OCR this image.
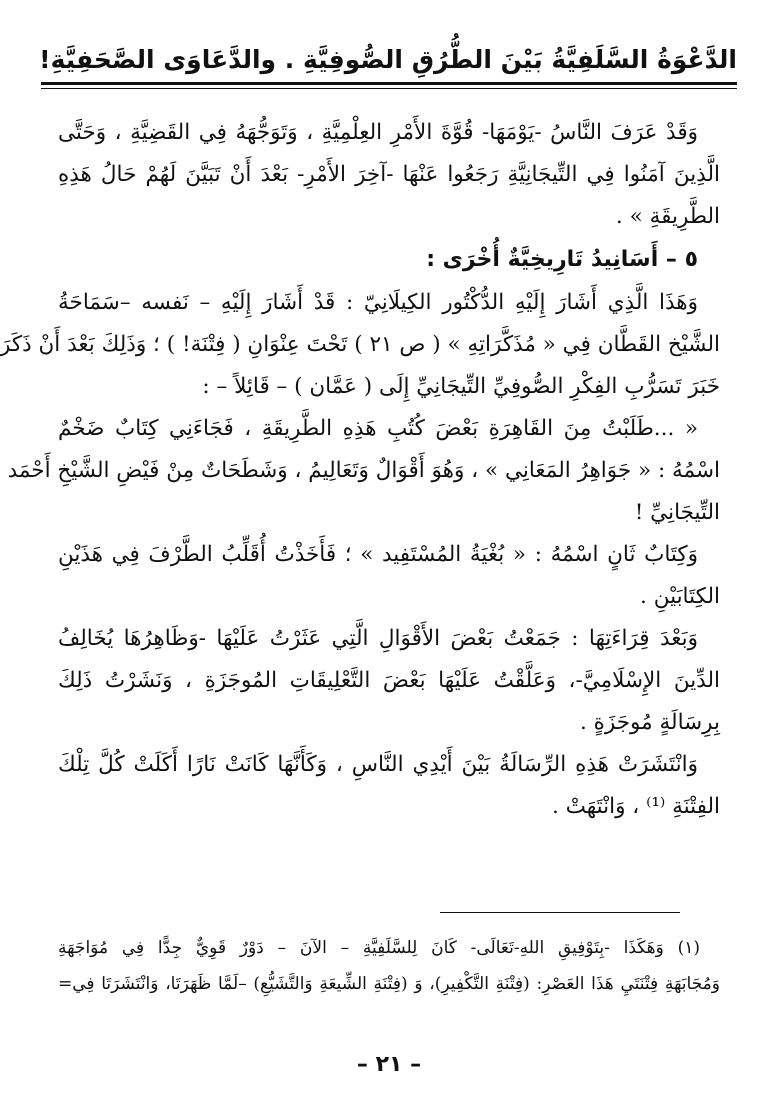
الدَّعْوَةُ السَّلَفِيَّةُ بَيْنَ الطُّرُقِ الصُّوفِيَّةِ . والدَّعَاوَى الصَّحَفِيَّةِ!
وَقَدْ عَرَفَ النَّاسُ -يَوْمَهَا- قُوَّةَ الأَمْرِ العِلْمِيَّةِ ، وَتَوَجُّهَهُ فِي القَضِيَّةِ ، وَحَتَّى
الَّذِينَ آمَنُوا فِي التِّيجَانِيَّةِ رَجَعُوا عَنْهَا -آخِرَ الأَمْرِ- بَعْدَ أَنْ تَبَيَّنَ لَهُمْ حَالُ هَذِهِ
الطَّرِيقَةِ » .
٥ – أَسَانِيدُ تَارِيخِيَّةٌ أُخْرَى :
وَهَذَا الَّذِي أَشَارَ إِلَيْهِ الدُّكْتُور الكِيلَانِيّ : قَدْ أَشَارَ إِلَيْهِ – نَفسه –سَمَاحَةُ
الشَّيْخ القَطَّان فِي « مُذَكَّرَاتِهِ » ( ص ٢١ ) تَحْتَ عِنْوَانِ ( فِتْنَة! ) ؛ وَذَلِكَ بَعْدَ أَنْ ذَكَرَ
خَبَرَ تَسَرُّبِ الفِكْرِ الصُّوفِيِّ التِّيجَانِيِّ إِلَى ( عَمَّان ) – قَائِلاً – :
« ...طَلَبْتُ مِنَ القَاهِرَةِ بَعْضَ كُتُبِ هَذِهِ الطَّرِيقَةِ ، فَجَاءَنِي كِتَابٌ ضَخْمٌ
اسْمُهُ : « جَوَاهِرُ المَعَانِي » ، وَهُوَ أَقْوَالٌ وَتَعَالِيمُ ، وَشَطَحَاتٌ مِنْ فَيْضِ الشَّيْخِ أَحْمَد
التِّيجَانِيِّ !
وَكِتَابٌ ثَانٍ اسْمُهُ : « بُغْيَةُ المُسْتَفِيد » ؛ فَأَخَذْتُ أُقَلِّبُ الطَّرْفَ فِي هَذَيْنِ
الكِتَابَيْنِ .
وَبَعْدَ قِرَاءَتِهَا : جَمَعْتُ بَعْضَ الأَقْوَالِ الَّتِي عَثَرْتُ عَلَيْهَا -وَظَاهِرُهَا يُخَالِفُ
الدِّينَ الإِسْلَامِيَّ-، وَعَلَّقْتُ عَلَيْهَا بَعْضَ التَّعْلِيقَاتِ المُوجَزَةِ ، وَنَشَرْتُ ذَلِكَ
بِرِسَالَةٍ مُوجَزَةٍ .
وَانْتَشَرَتْ هَذِهِ الرِّسَالَةُ بَيْنَ أَيْدِي النَّاسِ ، وَكَأَنَّهَا كَانَتْ نَارًا أَكَلَتْ كُلَّ تِلْكَ
الفِتْنَةِ ⁽¹⁾ ، وَانْتَهَتْ .
(١) وَهَكَذَا -بِتَوْفِيقِ اللهِ-تَعَالَى- كَانَ لِلسَّلَفِيَّةِ – الآنَ – دَوْرٌ قَوِيٌّ جِدًّا فِي مُوَاجَهَةِ
وَمُجَابَهَةِ فِتْنَتَيِ هَذَا العَصْرِ: (فِتْنَةِ التَّكْفِيرِ)، وَ (فِتْنَةِ الشِّيعَةِ وَالتَّشَيُّعِ) –لَمَّا ظَهَرَتَا، وَانْتَشَرَتَا فِي=
– ٢١ –
